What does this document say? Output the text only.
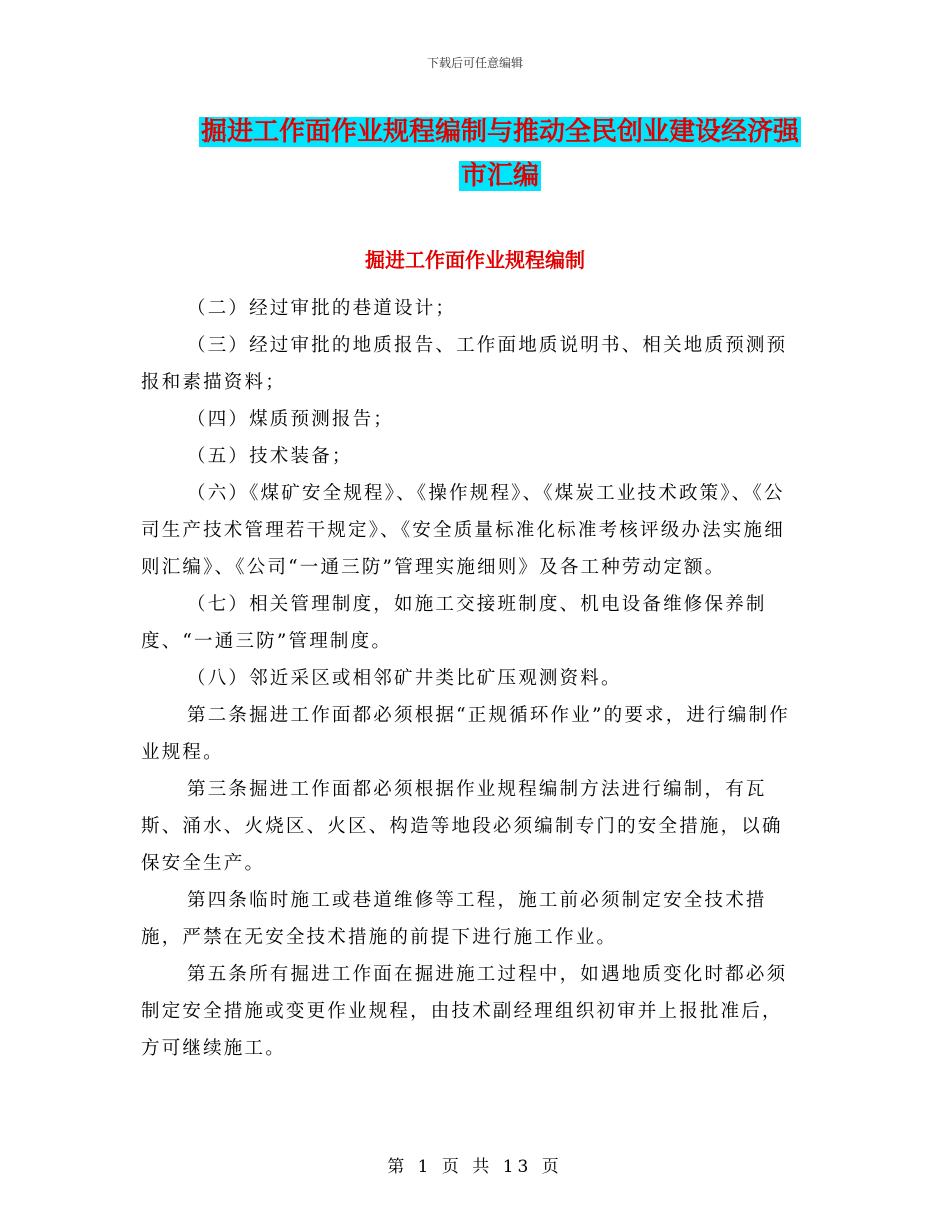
下载后可任意编辑
掘进工作面作业规程编制与推动全民创业建设经济强
市汇编
掘进工作面作业规程编制

（二）经过审批的巷道设计；

（三）经过审批的地质报告、工作面地质说明书、相关地质预测预报和素描资料；

（四）煤质预测报告；

（五）技术装备；

（六）《煤矿安全规程》、《操作规程》、《煤炭工业技术政策》、《公司生产技术管理若干规定》、《安全质量标准化标准考核评级办法实施细则汇编》、《公司“一通三防”管理实施细则》及各工种劳动定额。

（七）相关管理制度，如施工交接班制度、机电设备维修保养制度、“一通三防”管理制度。

（八）邻近采区或相邻矿井类比矿压观测资料。

第二条掘进工作面都必须根据“正规循环作业”的要求，进行编制作业规程。

第三条掘进工作面都必须根据作业规程编制方法进行编制，有瓦斯、涌水、火烧区、火区、构造等地段必须编制专门的安全措施，以确保安全生产。

第四条临时施工或巷道维修等工程，施工前必须制定安全技术措施，严禁在无安全技术措施的前提下进行施工作业。

第五条所有掘进工作面在掘进施工过程中，如遇地质变化时都必须制定安全措施或变更作业规程，由技术副经理组织初审并上报批准后，方可继续施工。

第 1 页 共 13 页
